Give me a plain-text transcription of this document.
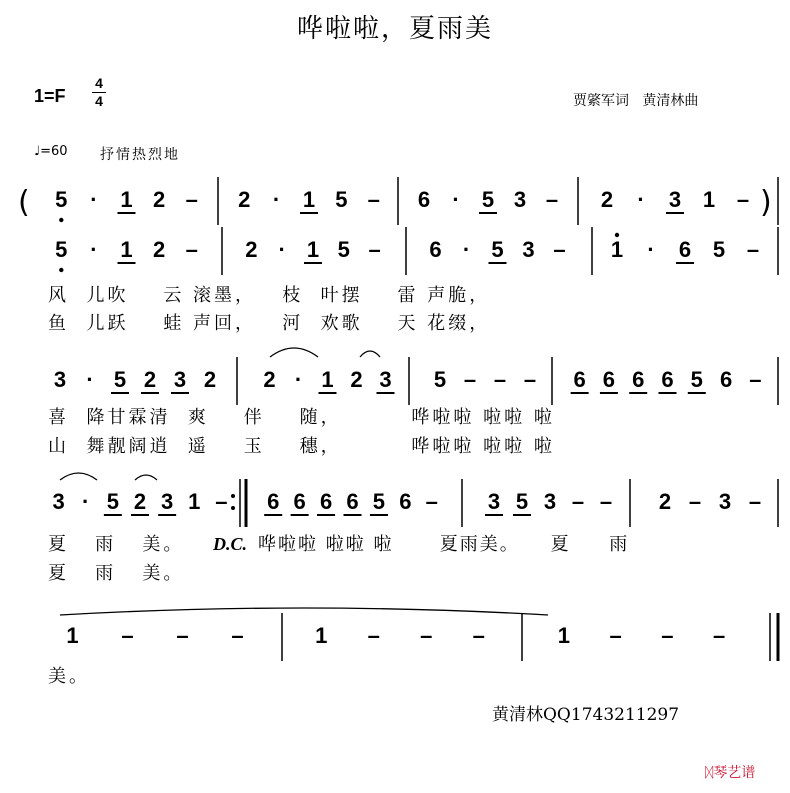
哗啦啦，夏雨美
1=F
4
4	贾綮军词   黄清林曲
♩=60 抒情热烈地
黄清林QQ1743211297
ᛞ琴艺谱
(	)
5 · 1 2 – 2 · 1 5 – 6 · 5 3 – 2 · 3 1 –
5 · 1 2 – 2 · 1 5 – 6 · 5 3 – 1 · 6 5 –
风  儿吹    云 滚墨，   枝  叶摆    雷 声脆，
鱼  儿跃    蛙 声回，   河  欢歌    天 花缀，
3 · 5 2 3 2 2 · 1 2 3 5 – – – 6 6 6 6 5 6 –
喜  降甘霖清  爽    伴    随，        哗啦啦 啦啦 啦
山  舞靓阔逍  遥    玉    穗，        哗啦啦 啦啦 啦
3 · 5 2 3 1 – 6 6 6 6 5 6 – 3 5 3 – – 2 – 3 –
夏   雨   美。
夏   雨   美。
D.C. 哗啦啦 啦啦 啦      夏雨美。    夏     雨
1 – – –	1 – – –	1 – – –
美。
